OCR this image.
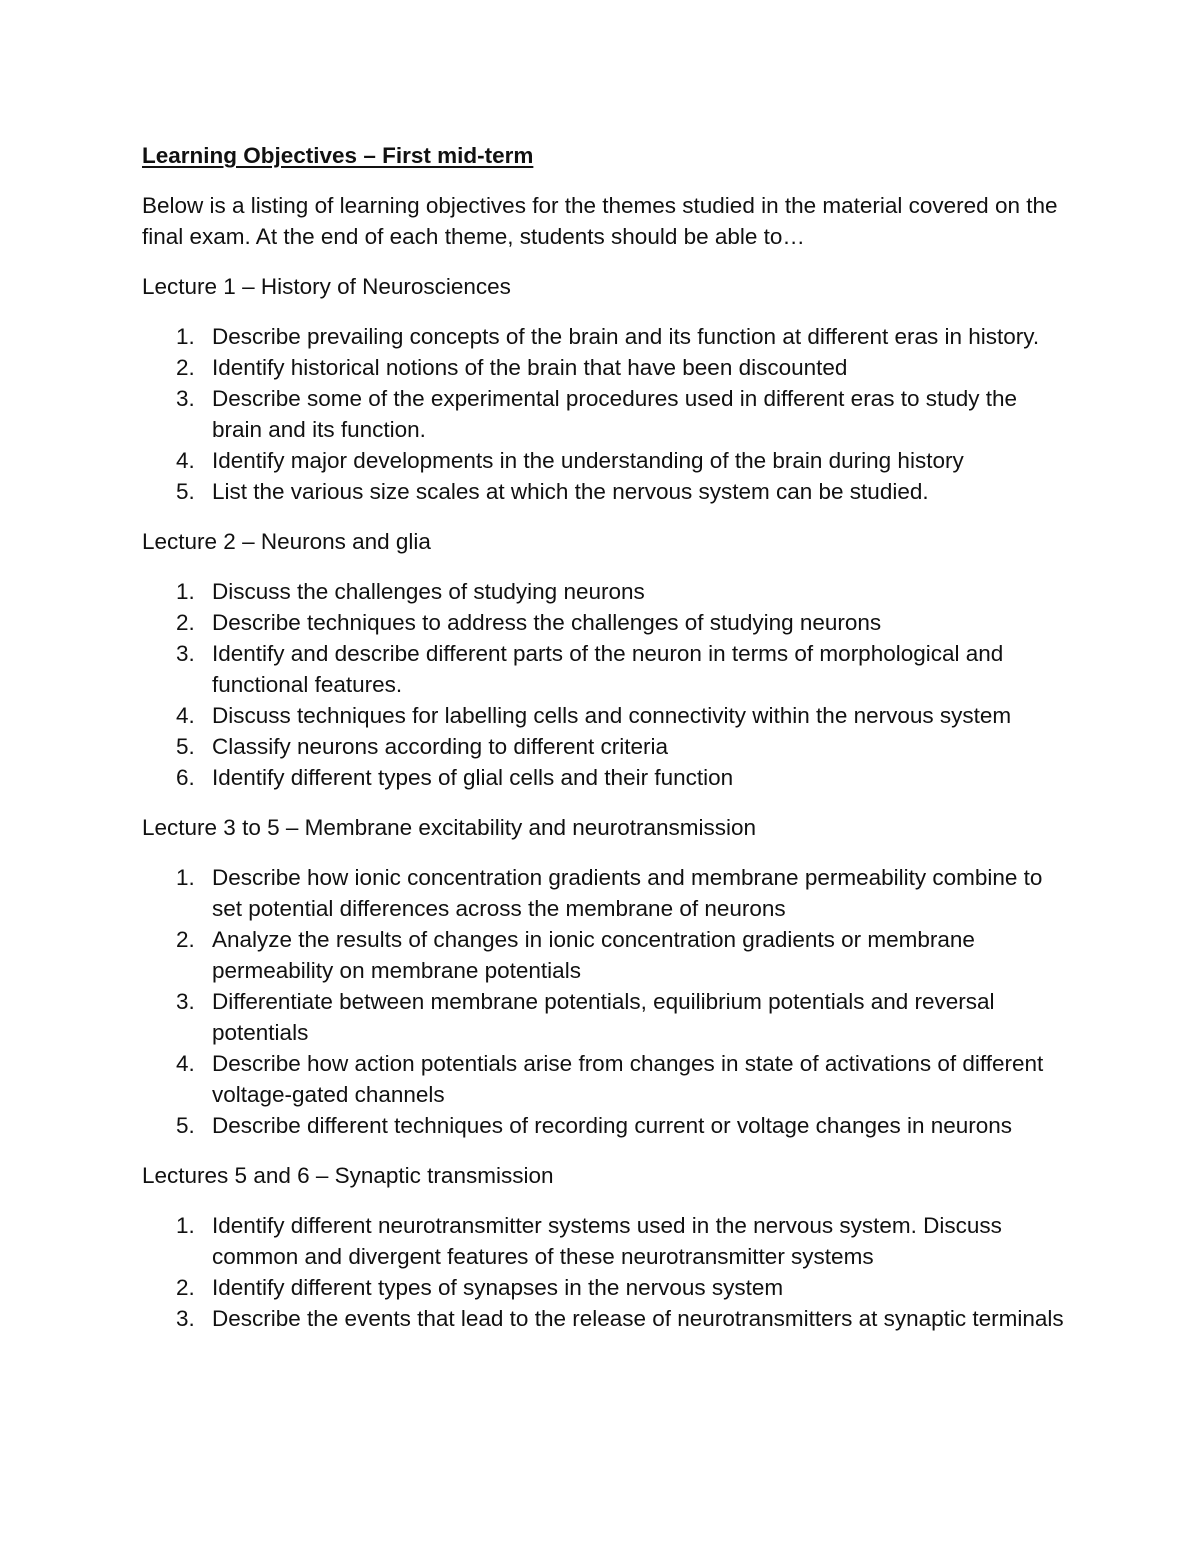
Learning Objectives – First mid-term
Below is a listing of learning objectives for the themes studied in the material covered on the final exam. At the end of each theme, students should be able to…
Lecture 1 – History of Neurosciences
1. Describe prevailing concepts of the brain and its function at different eras in history.
2. Identify historical notions of the brain that have been discounted
3. Describe some of the experimental procedures used in different eras to study the brain and its function.
4. Identify major developments in the understanding of the brain during history
5. List the various size scales at which the nervous system can be studied.
Lecture 2 – Neurons and glia
1. Discuss the challenges of studying neurons
2. Describe techniques to address the challenges of studying neurons
3. Identify and describe different parts of the neuron in terms of morphological and functional features.
4. Discuss techniques for labelling cells and connectivity within the nervous system
5. Classify neurons according to different criteria
6. Identify different types of glial cells and their function
Lecture 3 to 5 – Membrane excitability and neurotransmission
1. Describe how ionic concentration gradients and membrane permeability combine to set potential differences across the membrane of neurons
2. Analyze the results of changes in ionic concentration gradients or membrane permeability on membrane potentials
3. Differentiate between membrane potentials, equilibrium potentials and reversal potentials
4. Describe how action potentials arise from changes in state of activations of different voltage-gated channels
5. Describe different techniques of recording current or voltage changes in neurons
Lectures 5 and 6 – Synaptic transmission
1. Identify different neurotransmitter systems used in the nervous system. Discuss common and divergent features of these neurotransmitter systems
2. Identify different types of synapses in the nervous system
3. Describe the events that lead to the release of neurotransmitters at synaptic terminals
